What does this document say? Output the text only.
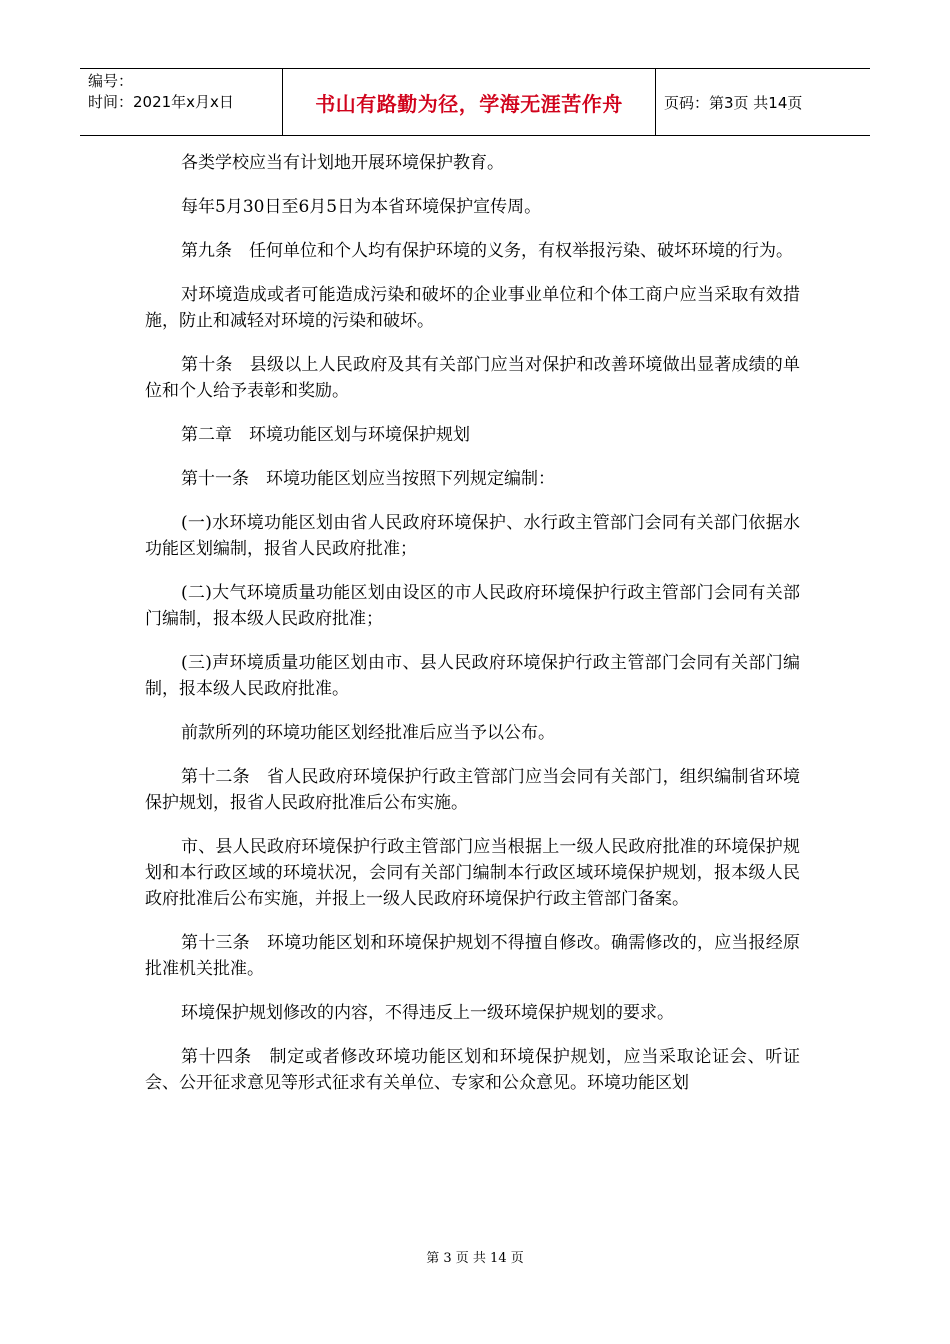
编号：
时间：2021年x月x日	书山有路勤为径，学海无涯苦作舟	页码：第3页 共14页

各类学校应当有计划地开展环境保护教育。

每年5月30日至6月5日为本省环境保护宣传周。

第九条　任何单位和个人均有保护环境的义务，有权举报污染、破坏环境的行为。

对环境造成或者可能造成污染和破坏的企业事业单位和个体工商户应当采取有效措施，防止和减轻对环境的污染和破坏。

第十条　县级以上人民政府及其有关部门应当对保护和改善环境做出显著成绩的单位和个人给予表彰和奖励。

第二章　环境功能区划与环境保护规划

第十一条　环境功能区划应当按照下列规定编制：

(一)水环境功能区划由省人民政府环境保护、水行政主管部门会同有关部门依据水功能区划编制，报省人民政府批准；

(二)大气环境质量功能区划由设区的市人民政府环境保护行政主管部门会同有关部门编制，报本级人民政府批准；

(三)声环境质量功能区划由市、县人民政府环境保护行政主管部门会同有关部门编制，报本级人民政府批准。

前款所列的环境功能区划经批准后应当予以公布。

第十二条　省人民政府环境保护行政主管部门应当会同有关部门，组织编制省环境保护规划，报省人民政府批准后公布实施。

市、县人民政府环境保护行政主管部门应当根据上一级人民政府批准的环境保护规划和本行政区域的环境状况，会同有关部门编制本行政区域环境保护规划，报本级人民政府批准后公布实施，并报上一级人民政府环境保护行政主管部门备案。

第十三条　环境功能区划和环境保护规划不得擅自修改。确需修改的，应当报经原批准机关批准。

环境保护规划修改的内容，不得违反上一级环境保护规划的要求。

第十四条　制定或者修改环境功能区划和环境保护规划，应当采取论证会、听证会、公开征求意见等形式征求有关单位、专家和公众意见。环境功能区划

第 3 页 共 14 页
